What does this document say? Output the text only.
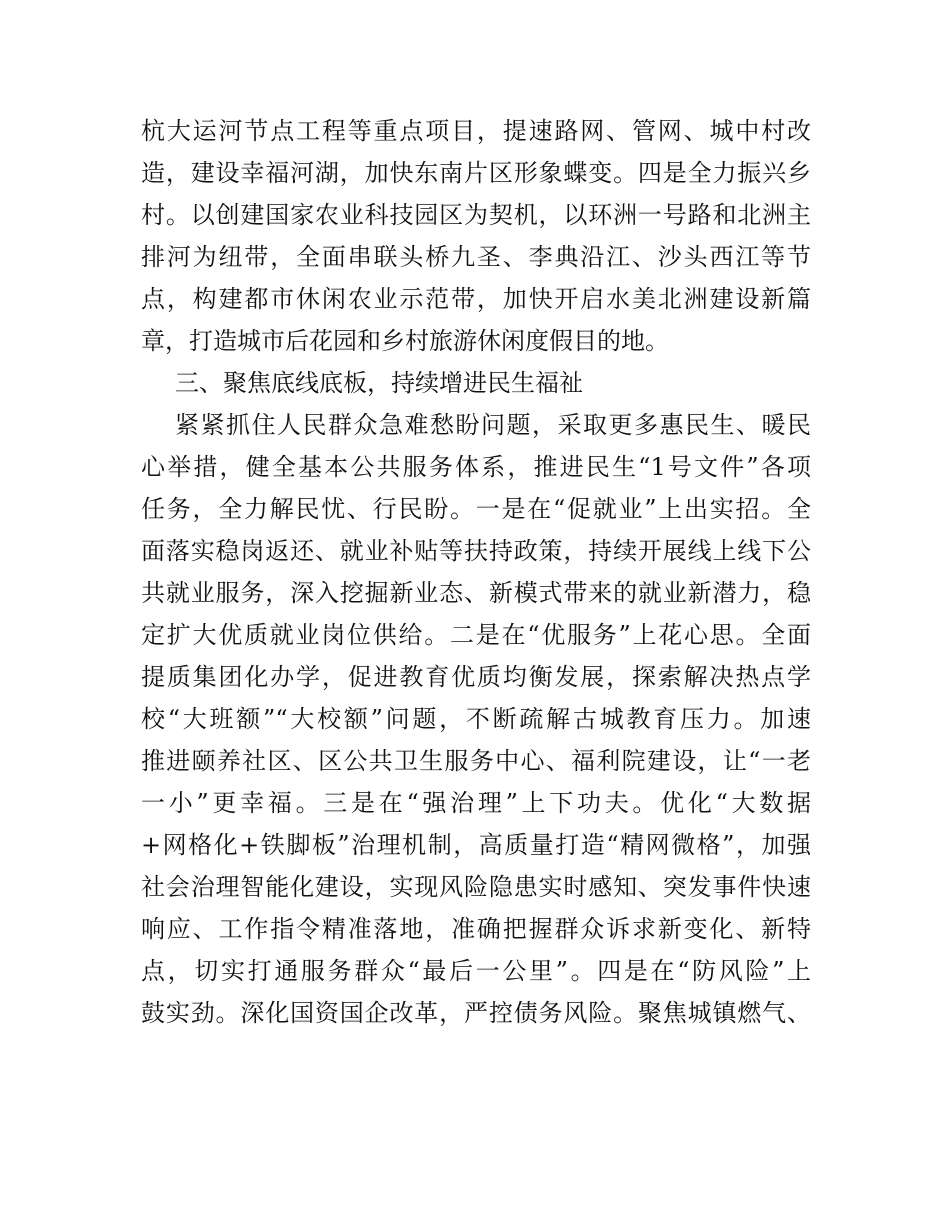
杭大运河节点工程等重点项目，提速路网、管网、城中村改
造，建设幸福河湖，加快东南片区形象蝶变。四是全力振兴乡
村。以创建国家农业科技园区为契机，以环洲一号路和北洲主
排河为纽带，全面串联头桥九圣、李典沿江、沙头西江等节
点，构建都市休闲农业示范带，加快开启水美北洲建设新篇
章，打造城市后花园和乡村旅游休闲度假目的地。
三、聚焦底线底板，持续增进民生福祉
紧紧抓住人民群众急难愁盼问题，采取更多惠民生、暖民
心举措，健全基本公共服务体系，推进民生“1号文件”各项
任务，全力解民忧、行民盼。一是在“促就业”上出实招。全
面落实稳岗返还、就业补贴等扶持政策，持续开展线上线下公
共就业服务，深入挖掘新业态、新模式带来的就业新潜力，稳
定扩大优质就业岗位供给。二是在“优服务”上花心思。全面
提质集团化办学，促进教育优质均衡发展，探索解决热点学
校“大班额”“大校额”问题，不断疏解古城教育压力。加速
推进颐养社区、区公共卫生服务中心、福利院建设，让“一老
一小”更幸福。三是在“强治理”上下功夫。优化“大数据
+网格化+铁脚板”治理机制，高质量打造“精网微格”，加强
社会治理智能化建设，实现风险隐患实时感知、突发事件快速
响应、工作指令精准落地，准确把握群众诉求新变化、新特
点，切实打通服务群众“最后一公里”。四是在“防风险”上
鼓实劲。深化国资国企改革，严控债务风险。聚焦城镇燃气、
